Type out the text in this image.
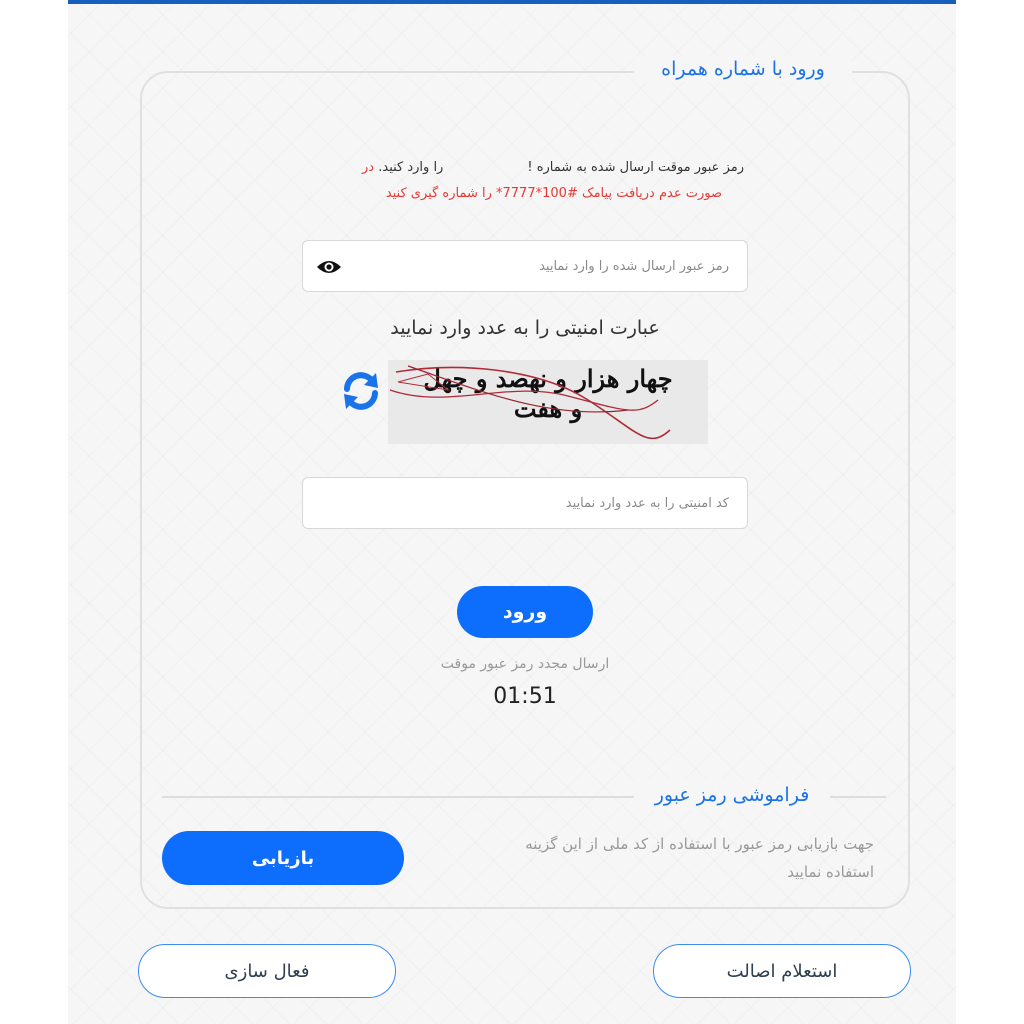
ورود با شماره همراه
رمز عبور موقت ارسال شده به شماره !را وارد کنید. در
صورت عدم دریافت پیامک #100*7777* را شماره گیری کنید
عبارت امنیتی را به عدد وارد نمایید
چهار هزار و نهصد و چهل
و هفت
کد امنیتی را به عدد وارد نمایید
ورود
ارسال مجدد رمز عبور موقت
01:51
فراموشی رمز عبور
جهت بازیابی رمز عبور با استفاده از کد ملی از این گزینه استفاده نمایید
بازیابی
استعلام اصالت
فعال سازی
